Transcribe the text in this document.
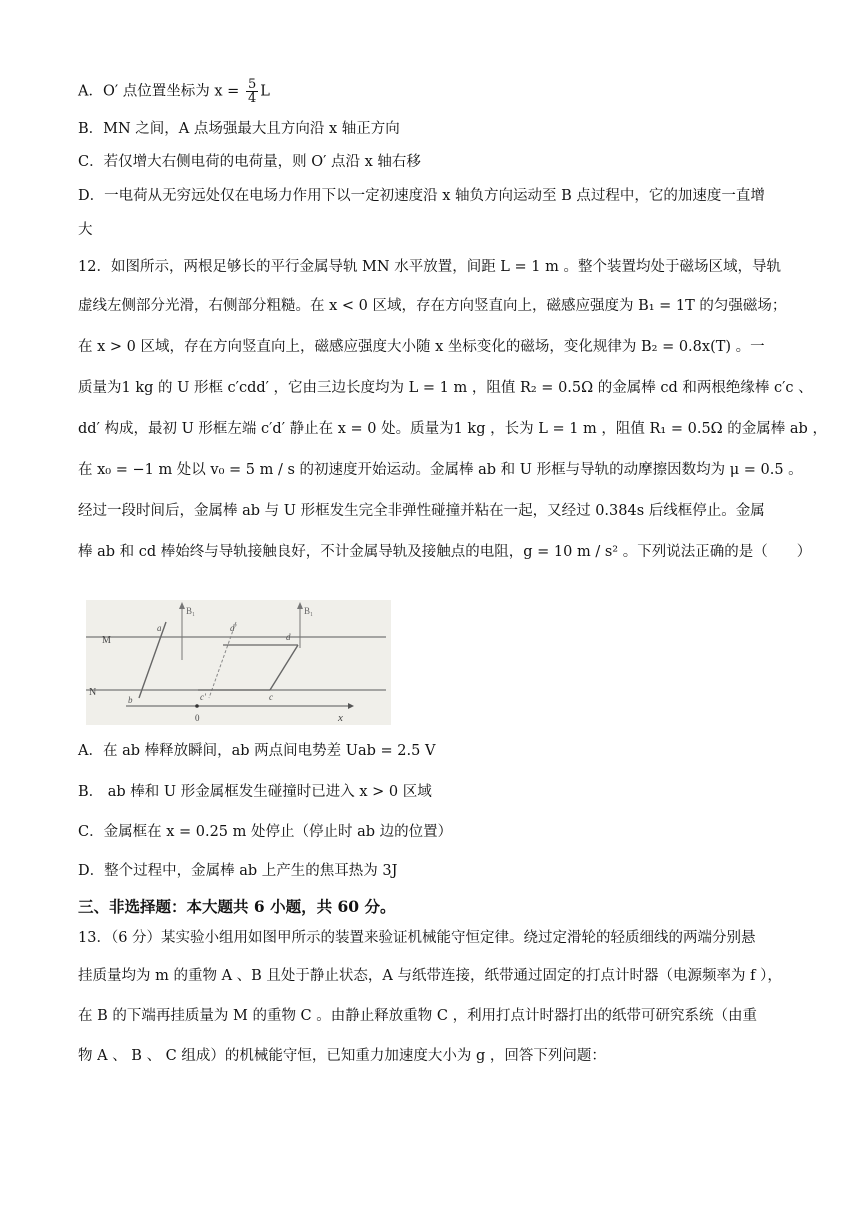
A．O′ 点位置坐标为 $x = \frac{5}{4}$ L
B．MN 之间，A 点场强最大且方向沿 x 轴正方向
C．若仅增大右侧电荷的电荷量，则 O′ 点沿 x 轴右移
D．一电荷从无穷远处仅在电场力作用下以一定初速度沿 x 轴负方向运动至 B 点过程中，它的加速度一直增
大
12．如图所示，两根足够长的平行金属导轨 MN 水平放置，间距 L = 1 m 。整个装置均处于磁场区域，导轨
虚线左侧部分光滑，右侧部分粗糙。在 x < 0 区域，存在方向竖直向上，磁感应强度为 B₁ = 1T 的匀强磁场；
在 x > 0 区域，存在方向竖直向上，磁感应强度大小随 x 坐标变化的磁场，变化规律为 B₂ = 0.8x(T) 。一
质量为1 kg 的 U 形框 c′cdd′ ，它由三边长度均为 L = 1 m ，阻值 R₂ = 0.5Ω 的金属棒 cd 和两根绝缘棒 c′c 、
dd′ 构成，最初 U 形框左端 c′d′ 静止在 x = 0 处。质量为1 kg ，长为 L = 1 m ，阻值 R₁ = 0.5Ω 的金属棒 ab ，
在 x₀ = −1 m 处以 v₀ = 5 m / s 的初速度开始运动。金属棒 ab 和 U 形框与导轨的动摩擦因数均为 μ = 0.5 。
经过一段时间后，金属棒 ab 与 U 形框发生完全非弹性碰撞并粘在一起，又经过 0.384s 后线框停止。金属
棒 ab 和 cd 棒始终与导轨接触良好，不计金属导轨及接触点的电阻，g = 10 m / s² 。下列说法正确的是（　　）
M
N
a
b
d′
d
c′	c
B₁	B₁
x
0
A．在 ab 棒释放瞬间，ab 两点间电势差 Uab = 2.5 V
B． ab 棒和 U 形金属框发生碰撞时已进入 x > 0 区域
C．金属框在 x = 0.25 m 处停止（停止时 ab 边的位置）
D．整个过程中，金属棒 ab 上产生的焦耳热为 3J
三、非选择题：本大题共 6 小题，共 60 分。
13．（6 分）某实验小组用如图甲所示的装置来验证机械能守恒定律。绕过定滑轮的轻质细线的两端分别悬
挂质量均为 m 的重物 A 、B 且处于静止状态，A 与纸带连接，纸带通过固定的打点计时器（电源频率为 f ），
在 B 的下端再挂质量为 M 的重物 C 。由静止释放重物 C ，利用打点计时器打出的纸带可研究系统（由重
物 A 、 B 、 C 组成）的机械能守恒，已知重力加速度大小为 g ，回答下列问题：
